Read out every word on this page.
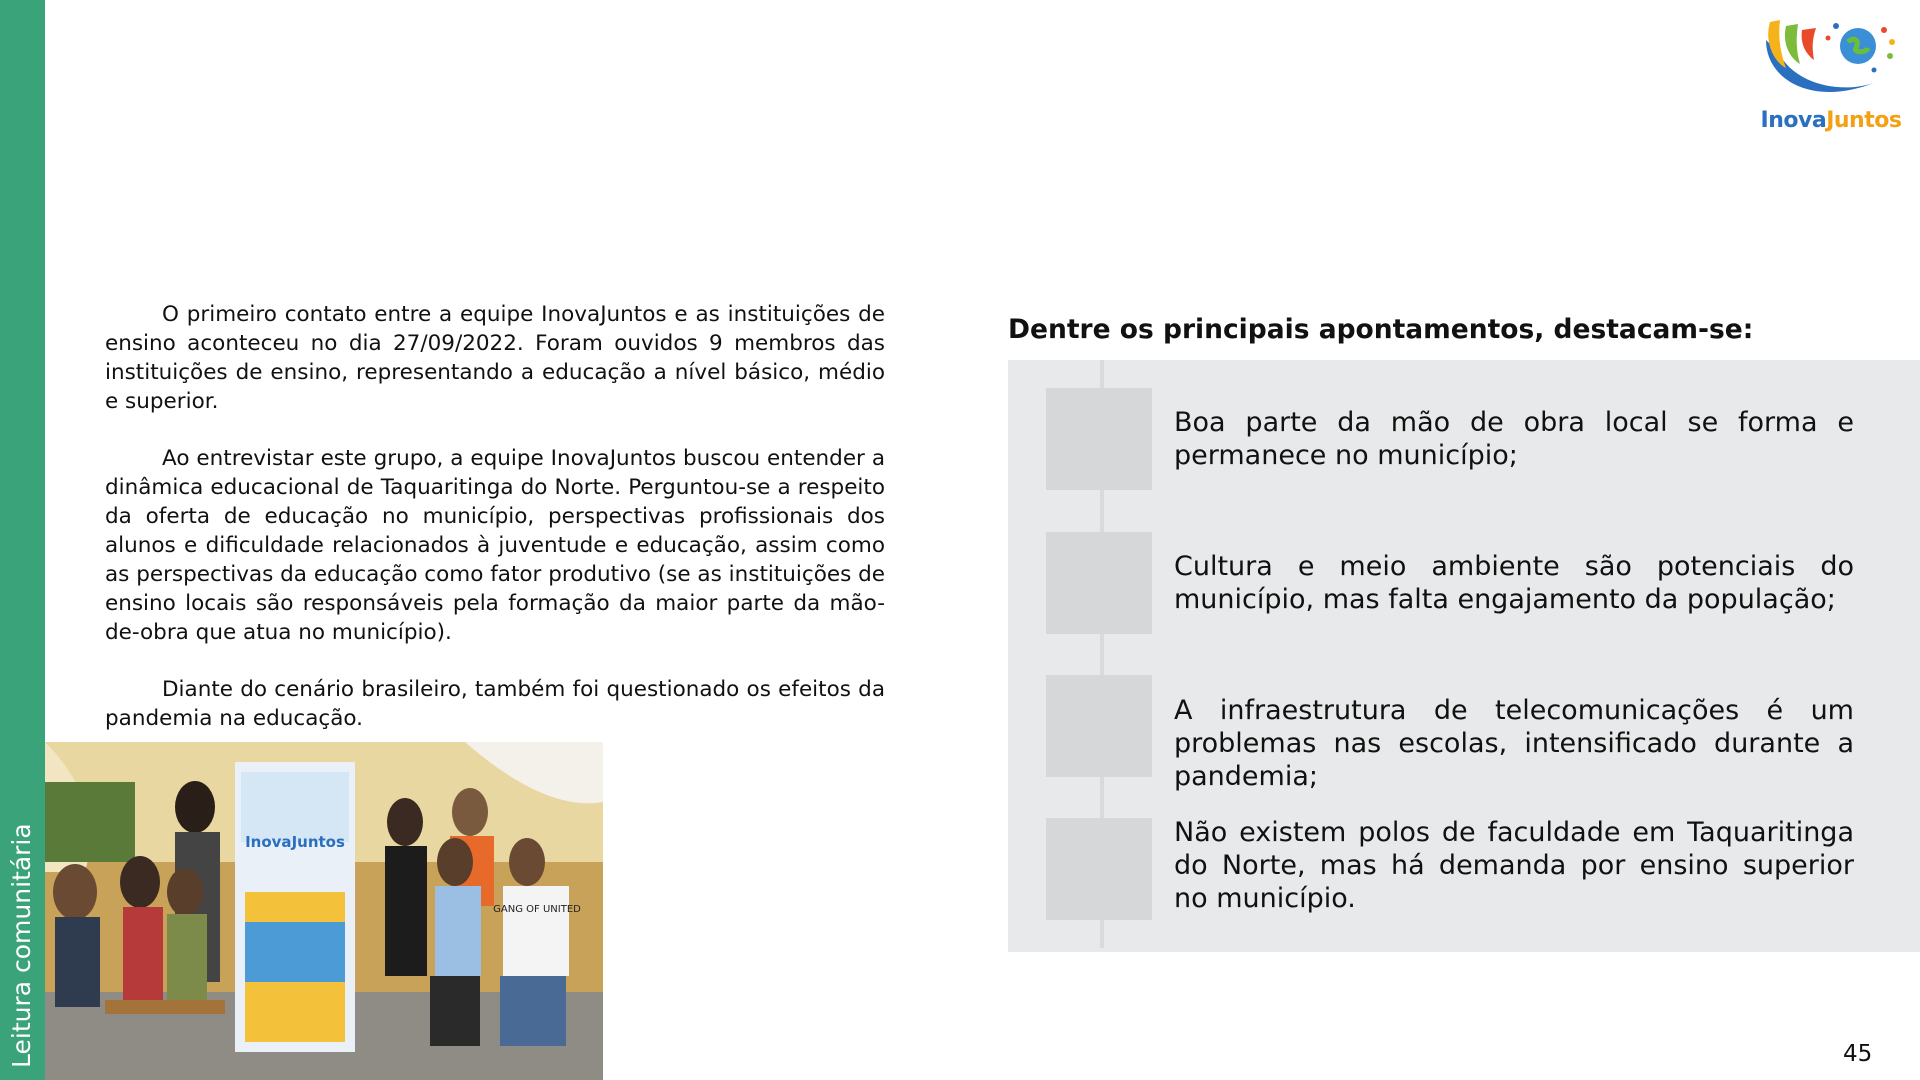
Leitura comunitária
InovaJuntos

O primeiro contato entre a equipe InovaJuntos e as instituições de ensino aconteceu no dia 27/09/2022. Foram ouvidos 9 membros das instituições de ensino, representando a educação a nível básico, médio e superior.

Ao entrevistar este grupo, a equipe InovaJuntos buscou entender a dinâmica educacional de Taquaritinga do Norte. Perguntou-se a respeito da oferta de educação no município, perspectivas profissionais dos alunos e dificuldade relacionados à juventude e educação, assim como as perspectivas da educação como fator produtivo (se as instituições de ensino locais são responsáveis pela formação da maior parte da mão-de-obra que atua no município).

Diante do cenário brasileiro, também foi questionado os efeitos da pandemia na educação.

InovaJuntos
GANG OF UNITED
Dentre os principais apontamentos, destacam-se:
Boa parte da mão de obra local se forma e permanece no município;
Cultura e meio ambiente são potenciais do município, mas falta engajamento da população;
A infraestrutura de telecomunicações é um problemas nas escolas, intensificado durante a pandemia;
Não existem polos de faculdade em Taquaritinga do Norte, mas há demanda por ensino superior no município.
45
